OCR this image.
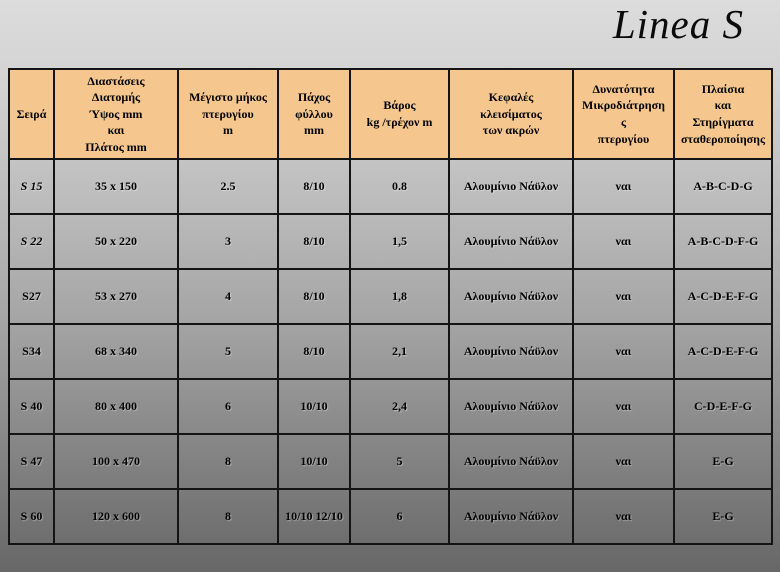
Linea S
Σειρά	Διαστάσεις
Διατομής
Ύψος mm
και
Πλάτος mm	Μέγιστο μήκος
πτερυγίου
m	Πάχος
φύλλου
mm	Βάρος
kg /τρέχον m	Κεφαλές
κλεισίματος
των ακρών	Δυνατότητα
Μικροδιάτρηση
ς
πτερυγίου	Πλαίσια
και
Στηρίγματα
σταθεροποίησης
S 15	35 x 150	2.5	8/10	0.8	Αλουμίνιο Νάϋλον	ναι	A-B-C-D-G
S 22	50 x 220	3	8/10	1,5	Αλουμίνιο Νάϋλον	ναι	A-B-C-D-F-G
S27	53 x 270	4	8/10	1,8	Αλουμίνιο Νάϋλον	ναι	A-C-D-E-F-G
S34	68 x 340	5	8/10	2,1	Αλουμίνιο Νάϋλον	ναι	A-C-D-E-F-G
S 40	80 x 400	6	10/10	2,4	Αλουμίνιο Νάϋλον	ναι	C-D-E-F-G
S 47	100 x 470	8	10/10	5	Αλουμίνιο Νάϋλον	ναι	E-G
S 60	120 x 600	8	10/10 12/10	6	Αλουμίνιο Νάϋλον	ναι	E-G
